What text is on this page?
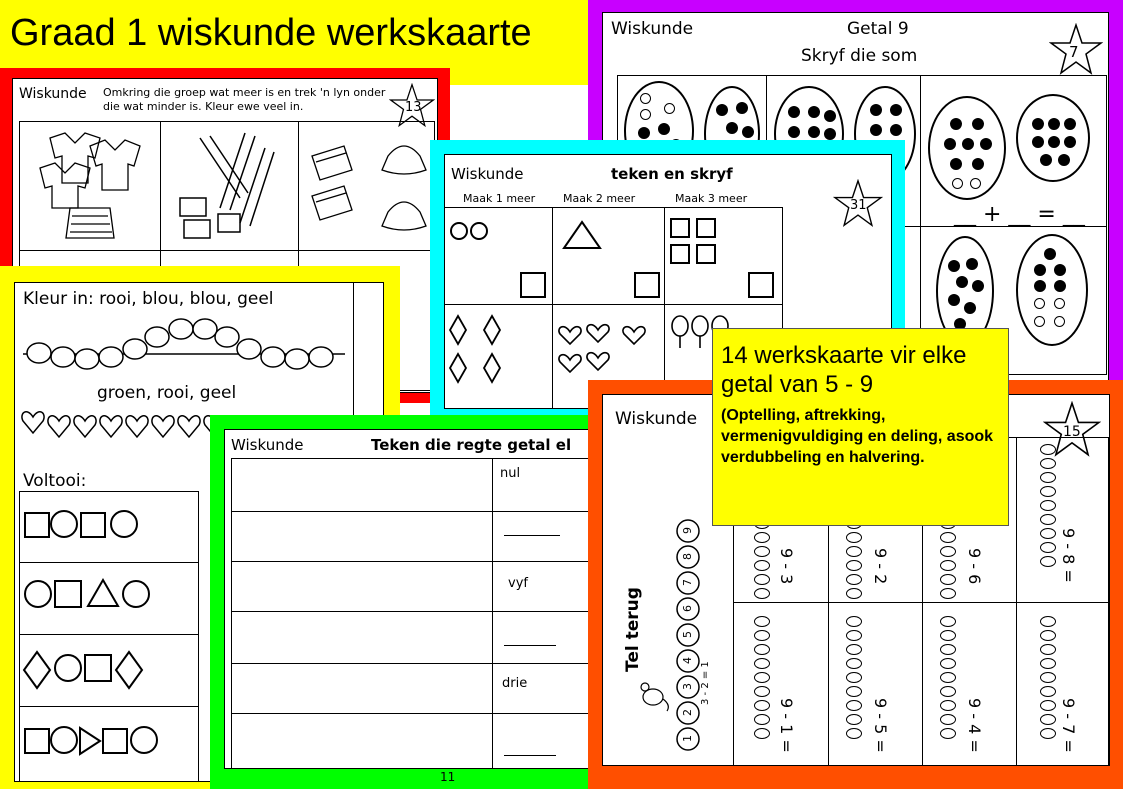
Graad 1 wiskunde werkskaarte	Wiskunde	Getal 9
Skryf die som	7
__ + __ = __
Wiskunde Omkring die groep wat meer is en trek 'n lyn onder die wat minder is. Kleur ewe veel in.	13
Wiskunde	teken en skryf
31
Maak 1 meer	Maak 2 meer	Maak 3 meer
Kleur in: rooi, blou, blou, geel
groen, rooi, geel
Voltooi:
Wiskunde	Teken die regte getal el
nul
vyf
drie
11
Wiskunde
15
Tel terug
3 - 2 = 1
1
2
3
4
5
6
7
8
9
9 - 3	9 - 2	9 - 6	9 - 8 =
9 - 1 =	9 - 5 =	9 - 4 =	9 - 7 =
14 werkskaarte vir elke getal van 5 - 9
(Optelling, aftrekking, vermenigvuldiging en deling, asook verdubbeling en halvering.
